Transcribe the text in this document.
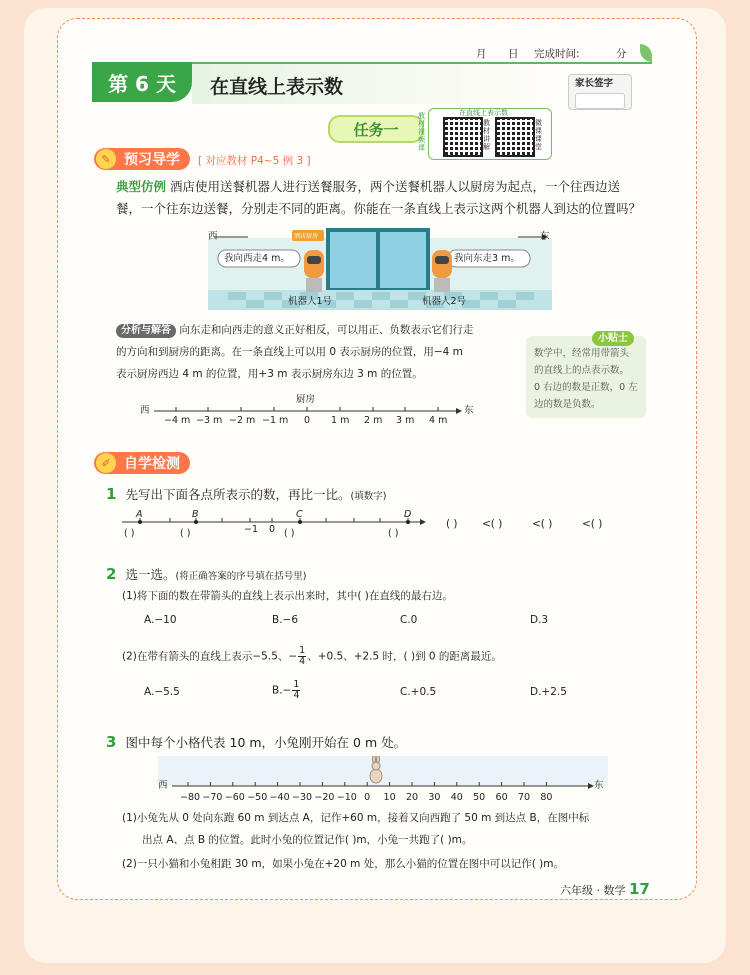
月 日 完成时间:	分
第 6 天	在直线上表示数	家长签字
任务一
在直线上表示数
教材讲解
微课课堂
教材视频课
✎ 预习导学 [ 对应教材 P4~5 例 3 ]
典型仿例 酒店使用送餐机器人进行送餐服务，两个送餐机器人以厨房为起点，一个往西边送
餐，一个往东边送餐，分别走不同的距离。你能在一条直线上表示这两个机器人到达的位置吗？
西	东
酒店厨房
我向西走4 m。	我向东走3 m。
机器人1号	机器人2号
分析与解答 向东走和向西走的意义正好相反，可以用正、负数表示它们行走
的方向和到厨房的距离。在一条直线上可以用 0 表示厨房的位置，用−4 m
表示厨房西边 4 m 的位置，用+3 m 表示厨房东边 3 m 的位置。
数学中，经常用带箭头
的直线上的点表示数。
0 右边的数是正数，0 左
边的数是负数。
小贴士
西	东
厨房
−4 m −3 m −2 m −1 m 0 1 m 2 m 3 m 4 m
✐ 自学检测
1 先写出下面各点所表示的数，再比一比。(填数字)
A	B	C	D
−1 0
( )	( )	( )	( )
( ) <( )	<( )	<( )
2 选一选。(将正确答案的序号填在括号里)
(1)将下面的数在带箭头的直线上表示出来时，其中( )在直线的最右边。
A.−10	B.−6	C.0	D.3
(2)在带有箭头的直线上表示−5.5、− $\frac{1}{4}$ 、+0.5、+2.5 时，( )到 0 的距离最近。
A.−5.5	$B.- \frac{1}{4}$	C.+0.5	D.+2.5
3 图中每个小格代表 10 m，小兔刚开始在 0 m 处。
西	东
−80 −70 −60 −50 −40 −30 −20 −10 0	10 20 30 40 50 60 70 80
(1)小兔先从 0 处向东跑 60 m 到达点 A，记作+60 m，接着又向西跑了 50 m 到达点 B，在图中标
出点 A、点 B 的位置。此时小兔的位置记作( )m，小兔一共跑了( )m。
(2)一只小猫和小兔相距 30 m，如果小兔在+20 m 处，那么小猫的位置在图中可以记作( )m。
六年级 · 数学 17
